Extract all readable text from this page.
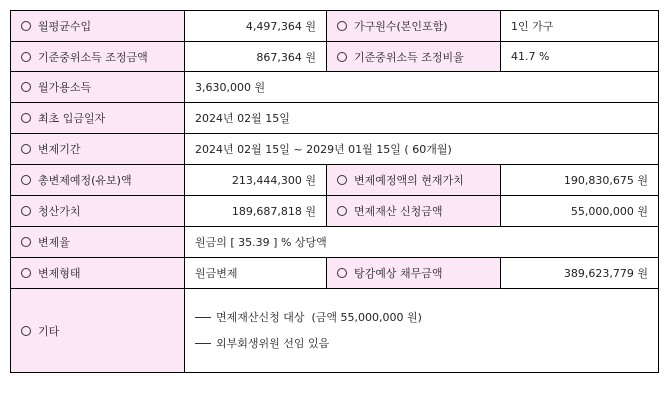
월평균수입	4,497,364 원	가구원수(본인포함)	1인 가구
기준중위소득 조정금액	867,364 원	기준중위소득 조정비율	41.7 %
월가용소득	3,630,000 원		
최초 입금일자	2024년 02월 15일		
변제기간	2024년 02월 15일 ~ 2029년 01월 15일 ( 60개월)		
총변제예정(유보)액	213,444,300 원	변제예정액의 현재가치	190,830,675 원
청산가치	189,687,818 원	면제재산 신청금액	55,000,000 원
변제율	원금의 [ 35.39 ] % 상당액		
변제형태	원금변제	탕감예상 채무금액	389,623,779 원
기타	면제재산신청 대상  (금액 55,000,000 원)
외부회생위원 선임 있음		
